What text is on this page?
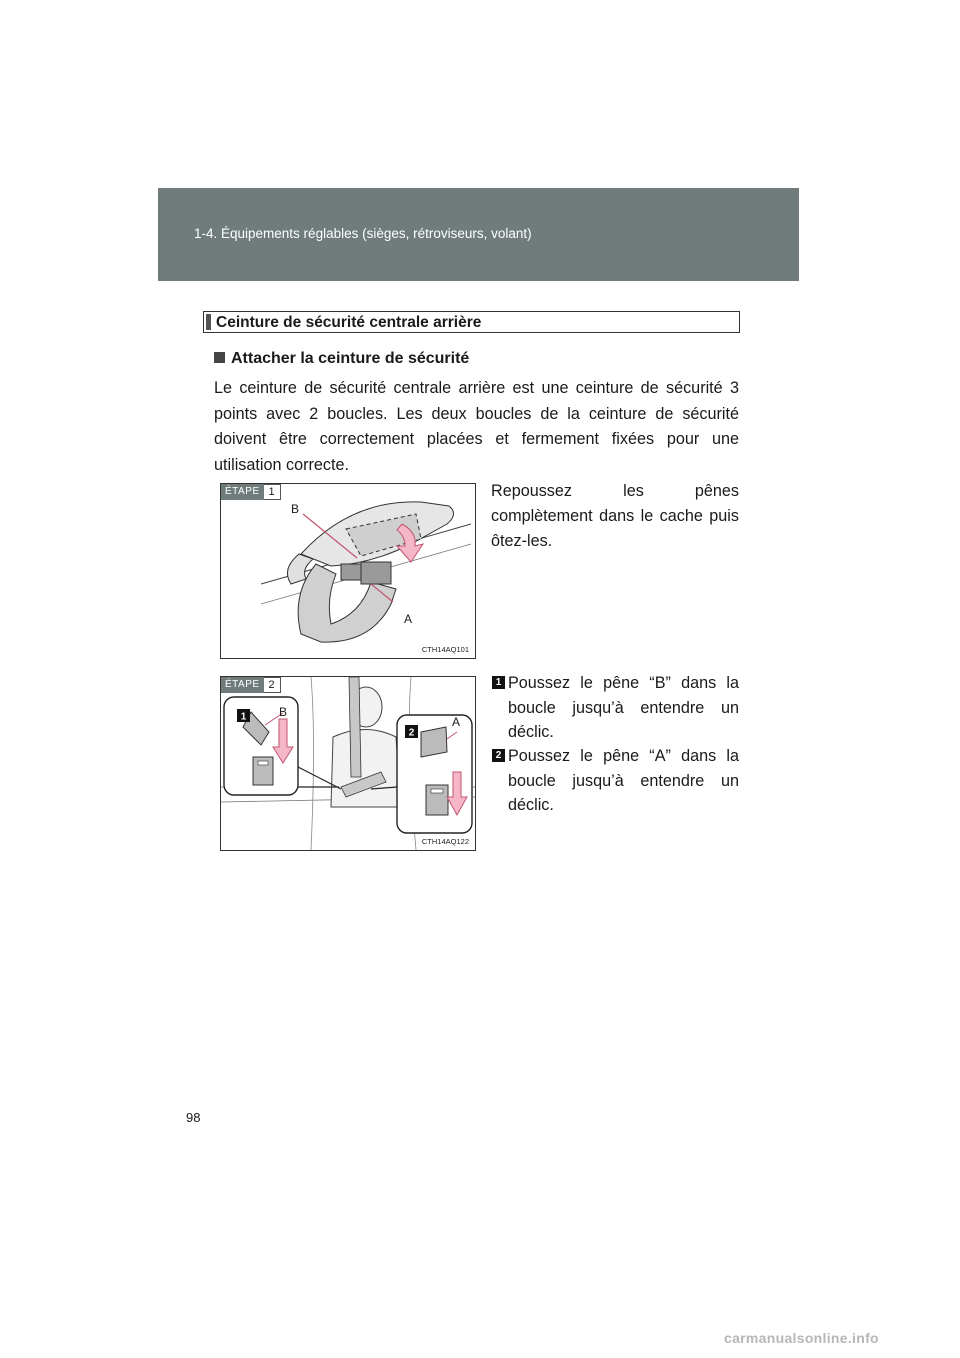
1-4. Équipements réglables (sièges, rétroviseurs, volant)
Ceinture de sécurité centrale arrière
Attacher la ceinture de sécurité
Le ceinture de sécurité centrale arrière est une ceinture de sécurité 3 points avec 2 boucles. Les deux boucles de la ceinture de sécurité doivent être correctement placées et fermement fixées pour une utilisation correcte.
ÉTAPE 1
B
A
CTH14AQ101
Repoussez les pênes complètement dans le cache puis ôtez-les.
1
2
ÉTAPE 2
B
A
CTH14AQ122
1 Poussez le pêne “B” dans la boucle jusqu’à entendre un déclic.
2 Poussez le pêne “A” dans la boucle jusqu’à entendre un déclic.
98
carmanualsonline.info
